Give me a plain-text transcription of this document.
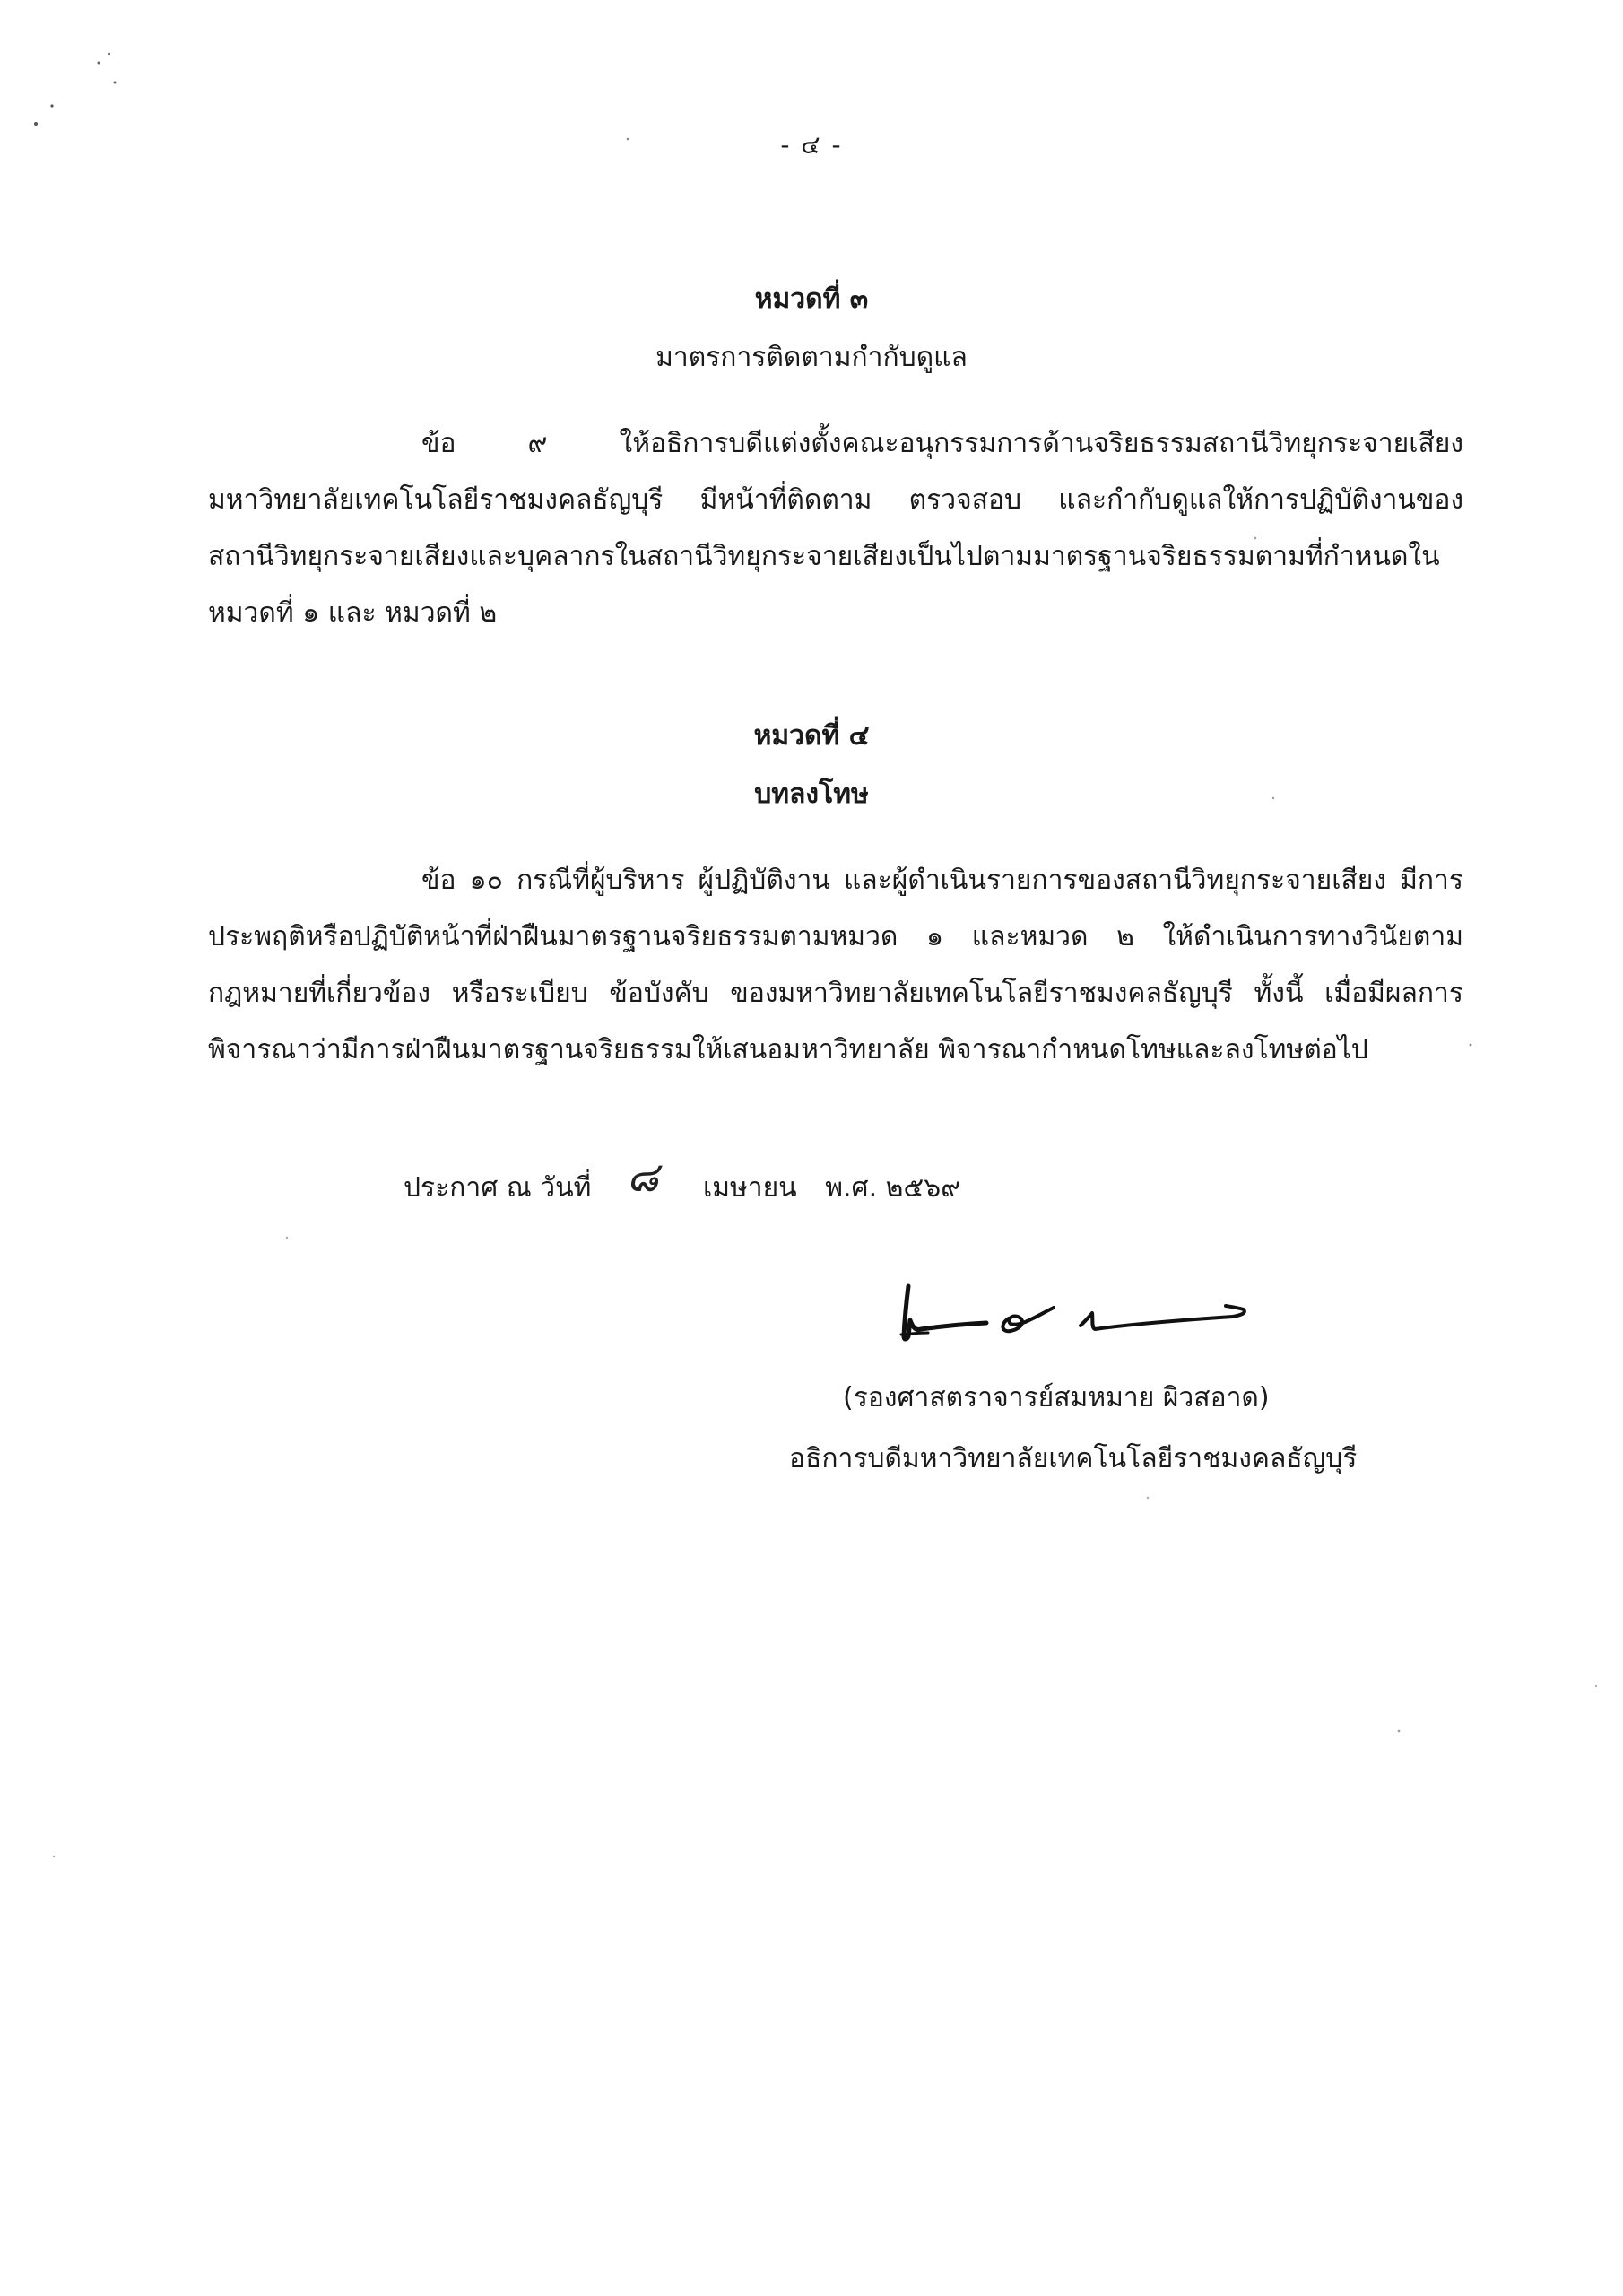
- ๔ -
หมวดที่ ๓
มาตรการติดตามกำกับดูแล
ข้อ ๙ ให้อธิการบดีแต่งตั้งคณะอนุกรรมการด้านจริยธรรมสถานีวิทยุกระจายเสียง
มหาวิทยาลัยเทคโนโลยีราชมงคลธัญบุรี มีหน้าที่ติดตาม ตรวจสอบ และกำกับดูแลให้การปฏิบัติงานของ
สถานีวิทยุกระจายเสียงและบุคลากรในสถานีวิทยุกระจายเสียงเป็นไปตามมาตรฐานจริยธรรมตามที่กำหนดใน
หมวดที่ ๑ และ หมวดที่ ๒
หมวดที่ ๔
บทลงโทษ
ข้อ ๑๐ กรณีที่ผู้บริหาร ผู้ปฏิบัติงาน และผู้ดำเนินรายการของสถานีวิทยุกระจายเสียง มีการ
ประพฤติหรือปฏิบัติหน้าที่ฝ่าฝืนมาตรฐานจริยธรรมตามหมวด ๑ และหมวด ๒ ให้ดำเนินการทางวินัยตาม
กฎหมายที่เกี่ยวข้อง หรือระเบียบ ข้อบังคับ ของมหาวิทยาลัยเทคโนโลยีราชมงคลธัญบุรี ทั้งนี้ เมื่อมีผลการ
พิจารณาว่ามีการฝ่าฝืนมาตรฐานจริยธรรมให้เสนอมหาวิทยาลัย พิจารณากำหนดโทษและลงโทษต่อไป
ประกาศ ณ วันที่ ๘ เมษายน พ.ศ. ๒๕๖๙
(รองศาสตราจารย์สมหมาย ผิวสอาด)
อธิการบดีมหาวิทยาลัยเทคโนโลยีราชมงคลธัญบุรี
